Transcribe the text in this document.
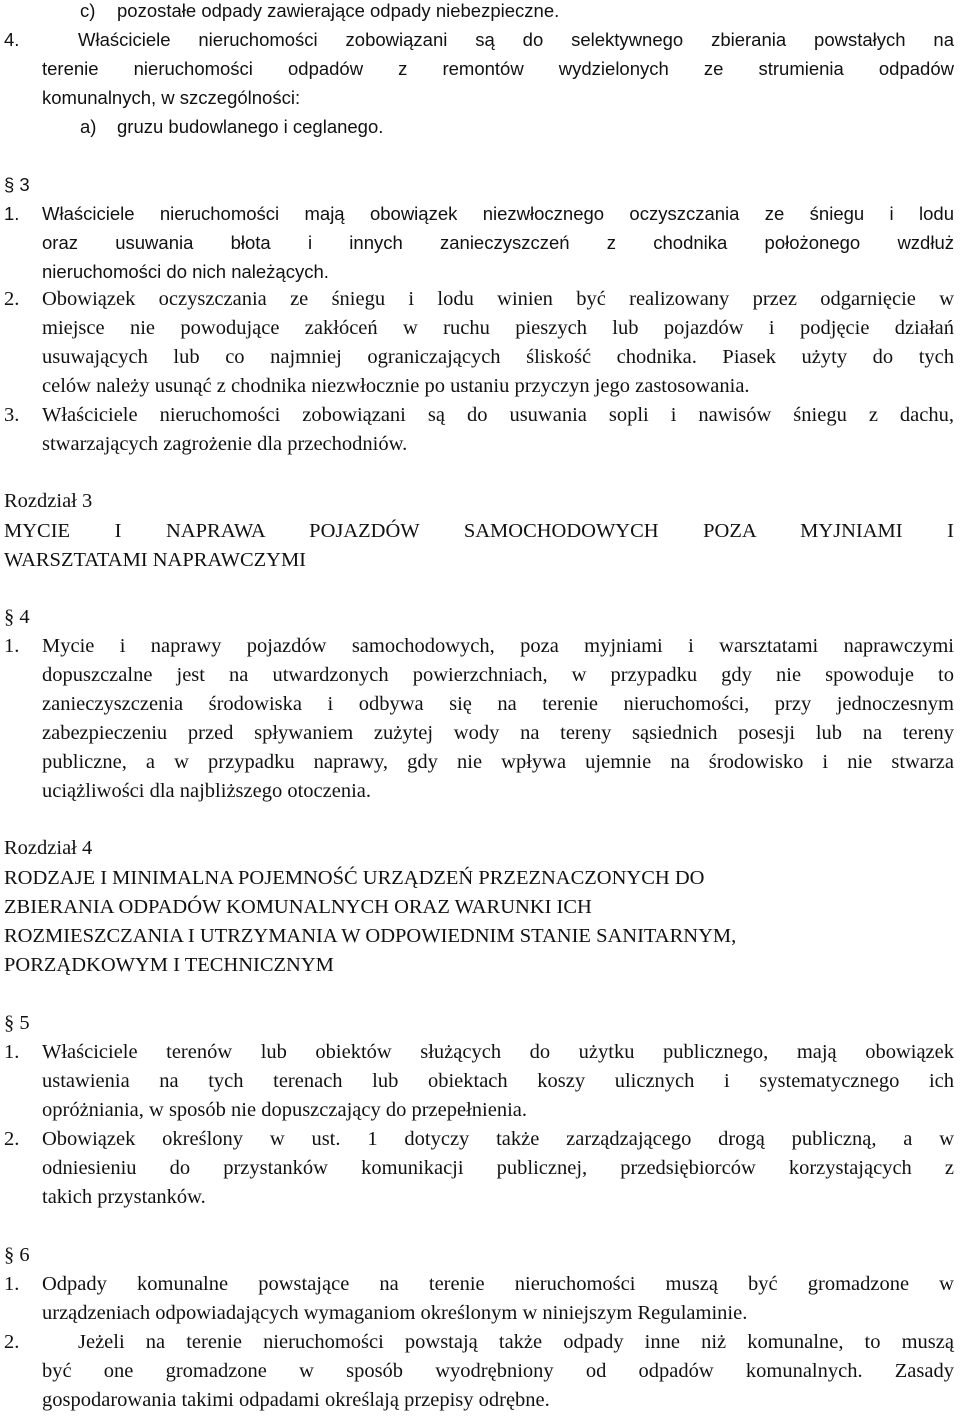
c) pozostałe odpady zawierające odpady niebezpieczne.
4.	Właściciele nieruchomości zobowiązani są do selektywnego zbierania powstałych na
terenie nieruchomości odpadów z remontów wydzielonych ze strumienia odpadów
komunalnych, w szczególności:
a) gruzu budowlanego i ceglanego.
§ 3
1. Właściciele nieruchomości mają obowiązek niezwłocznego oczyszczania ze śniegu i lodu
oraz usuwania błota i innych zanieczyszczeń z chodnika położonego wzdłuż
nieruchomości do nich należących.
2. Obowiązek oczyszczania ze śniegu i lodu winien być realizowany przez odgarnięcie w
miejsce nie powodujące zakłóceń w ruchu pieszych lub pojazdów i podjęcie działań
usuwających lub co najmniej ograniczających śliskość chodnika. Piasek użyty do tych
celów należy usunąć z chodnika niezwłocznie po ustaniu przyczyn jego zastosowania.
3. Właściciele nieruchomości zobowiązani są do usuwania sopli i nawisów śniegu z dachu,
stwarzających zagrożenie dla przechodniów.
Rozdział 3
MYCIE I NAPRAWA POJAZDÓW SAMOCHODOWYCH POZA MYJNIAMI I
WARSZTATAMI NAPRAWCZYMI
§ 4
1. Mycie i naprawy pojazdów samochodowych, poza myjniami i warsztatami naprawczymi
dopuszczalne jest na utwardzonych powierzchniach, w przypadku gdy nie spowoduje to
zanieczyszczenia środowiska i odbywa się na terenie nieruchomości, przy jednoczesnym
zabezpieczeniu przed spływaniem zużytej wody na tereny sąsiednich posesji lub na tereny
publiczne, a w przypadku naprawy, gdy nie wpływa ujemnie na środowisko i nie stwarza
uciążliwości dla najbliższego otoczenia.
Rozdział 4
RODZAJE I MINIMALNA POJEMNOŚĆ URZĄDZEŃ PRZEZNACZONYCH DO
ZBIERANIA ODPADÓW KOMUNALNYCH ORAZ WARUNKI ICH
ROZMIESZCZANIA I UTRZYMANIA W ODPOWIEDNIM STANIE SANITARNYM,
PORZĄDKOWYM I TECHNICZNYM
§ 5
1. Właściciele terenów lub obiektów służących do użytku publicznego, mają obowiązek
ustawienia na tych terenach lub obiektach koszy ulicznych i systematycznego ich
opróżniania, w sposób nie dopuszczający do przepełnienia.
2. Obowiązek określony w ust. 1 dotyczy także zarządzającego drogą publiczną, a w
odniesieniu do przystanków komunikacji publicznej, przedsiębiorców korzystających z
takich przystanków.
§ 6
1. Odpady komunalne powstające na terenie nieruchomości muszą być gromadzone w
urządzeniach odpowiadających wymaganiom określonym w niniejszym Regulaminie.
2.	Jeżeli na terenie nieruchomości powstają także odpady inne niż komunalne, to muszą
być one gromadzone w sposób wyodrębniony od odpadów komunalnych. Zasady
gospodarowania takimi odpadami określają przepisy odrębne.
